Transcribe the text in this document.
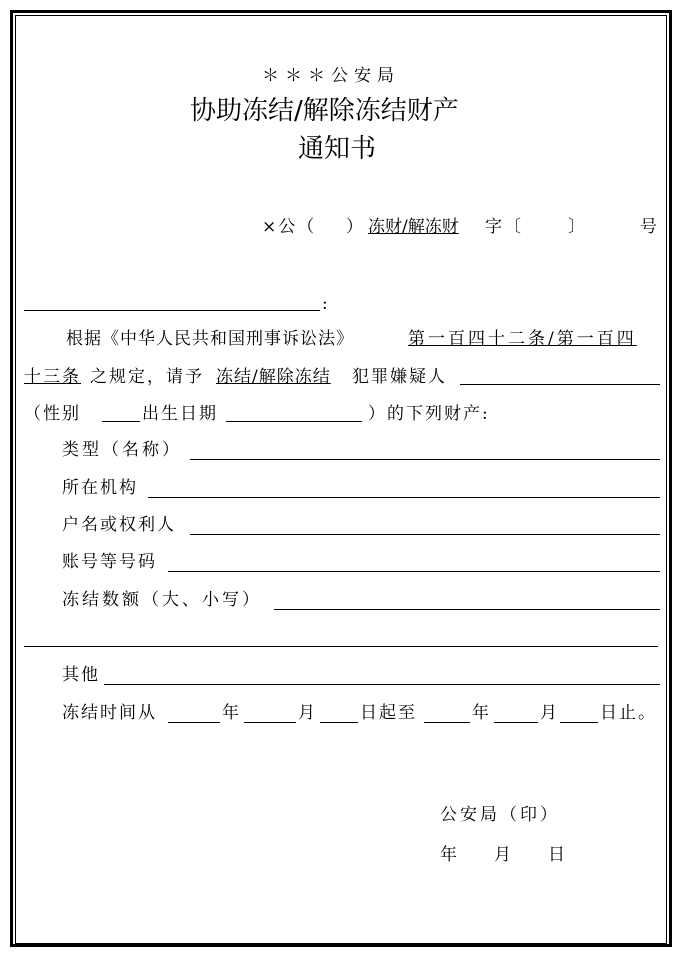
＊＊＊公安局
协助冻结/解除冻结财产
通知书
×公（ ） 冻财/解冻财 字〔	〕	号
:
根据《中华人民共和国刑事诉讼法》	第一百四十二条/第一百四
十三条 之规定，请予 冻结/解除冻结 犯罪嫌疑人
（性别	出生日期	）的下列财产:
类型（名称）
所在机构
户名或权利人
账号等号码
冻结数额（大、小写）
其他
冻结时间从	年	月	日起至	年	月 日止。
公安局（印）
年 月 日
